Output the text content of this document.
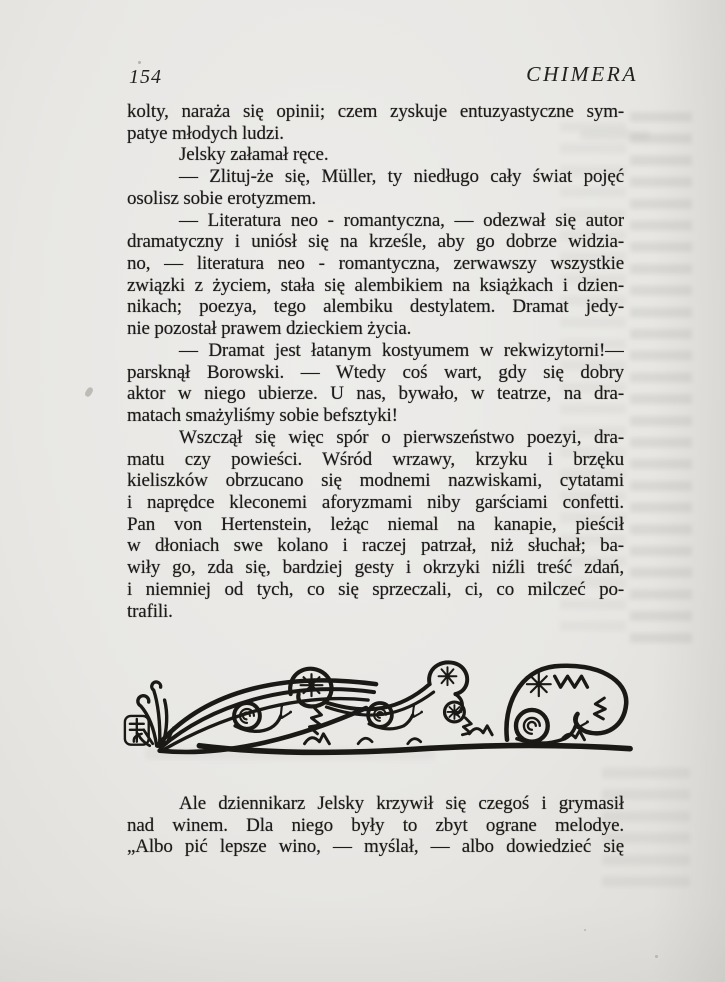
154	CHIMERA
kolty, naraża się opinii; czem zyskuje entuzyastyczne sym-
patye młodych ludzi.
Jelsky załamał ręce.
— Zlituj-że się, Müller, ty niedługo cały świat pojęć
osolisz sobie erotyzmem.
— Literatura neo - romantyczna, — odezwał się autor
dramatyczny i uniósł się na krześle, aby go dobrze widzia-
no, — literatura neo - romantyczna, zerwawszy wszystkie
związki z życiem, stała się alembikiem na książkach i dzien-
nikach; poezya, tego alembiku destylatem. Dramat jedy-
nie pozostał prawem dzieckiem życia.
— Dramat jest łatanym kostyumem w rekwizytorni!—
parsknął Borowski. — Wtedy coś wart, gdy się dobry
aktor w niego ubierze. U nas, bywało, w teatrze, na dra-
matach smażyliśmy sobie befsztyki!
Wszczął się więc spór o pierwszeństwo poezyi, dra-
matu czy powieści. Wśród wrzawy, krzyku i brzęku
kieliszków obrzucano się modnemi nazwiskami, cytatami
i naprędce kleconemi aforyzmami niby garściami confetti.
Pan von Hertenstein, leżąc niemal na kanapie, pieścił
w dłoniach swe kolano i raczej patrzał, niż słuchał; ba-
wiły go, zda się, bardziej gesty i okrzyki niźli treść zdań,
i niemniej od tych, co się sprzeczali, ci, co milczeć po-
trafili.
Ale dziennikarz Jelsky krzywił się czegoś i grymasił
nad winem. Dla niego były to zbyt ograne melodye.
„Albo pić lepsze wino, — myślał, — albo dowiedzieć się
